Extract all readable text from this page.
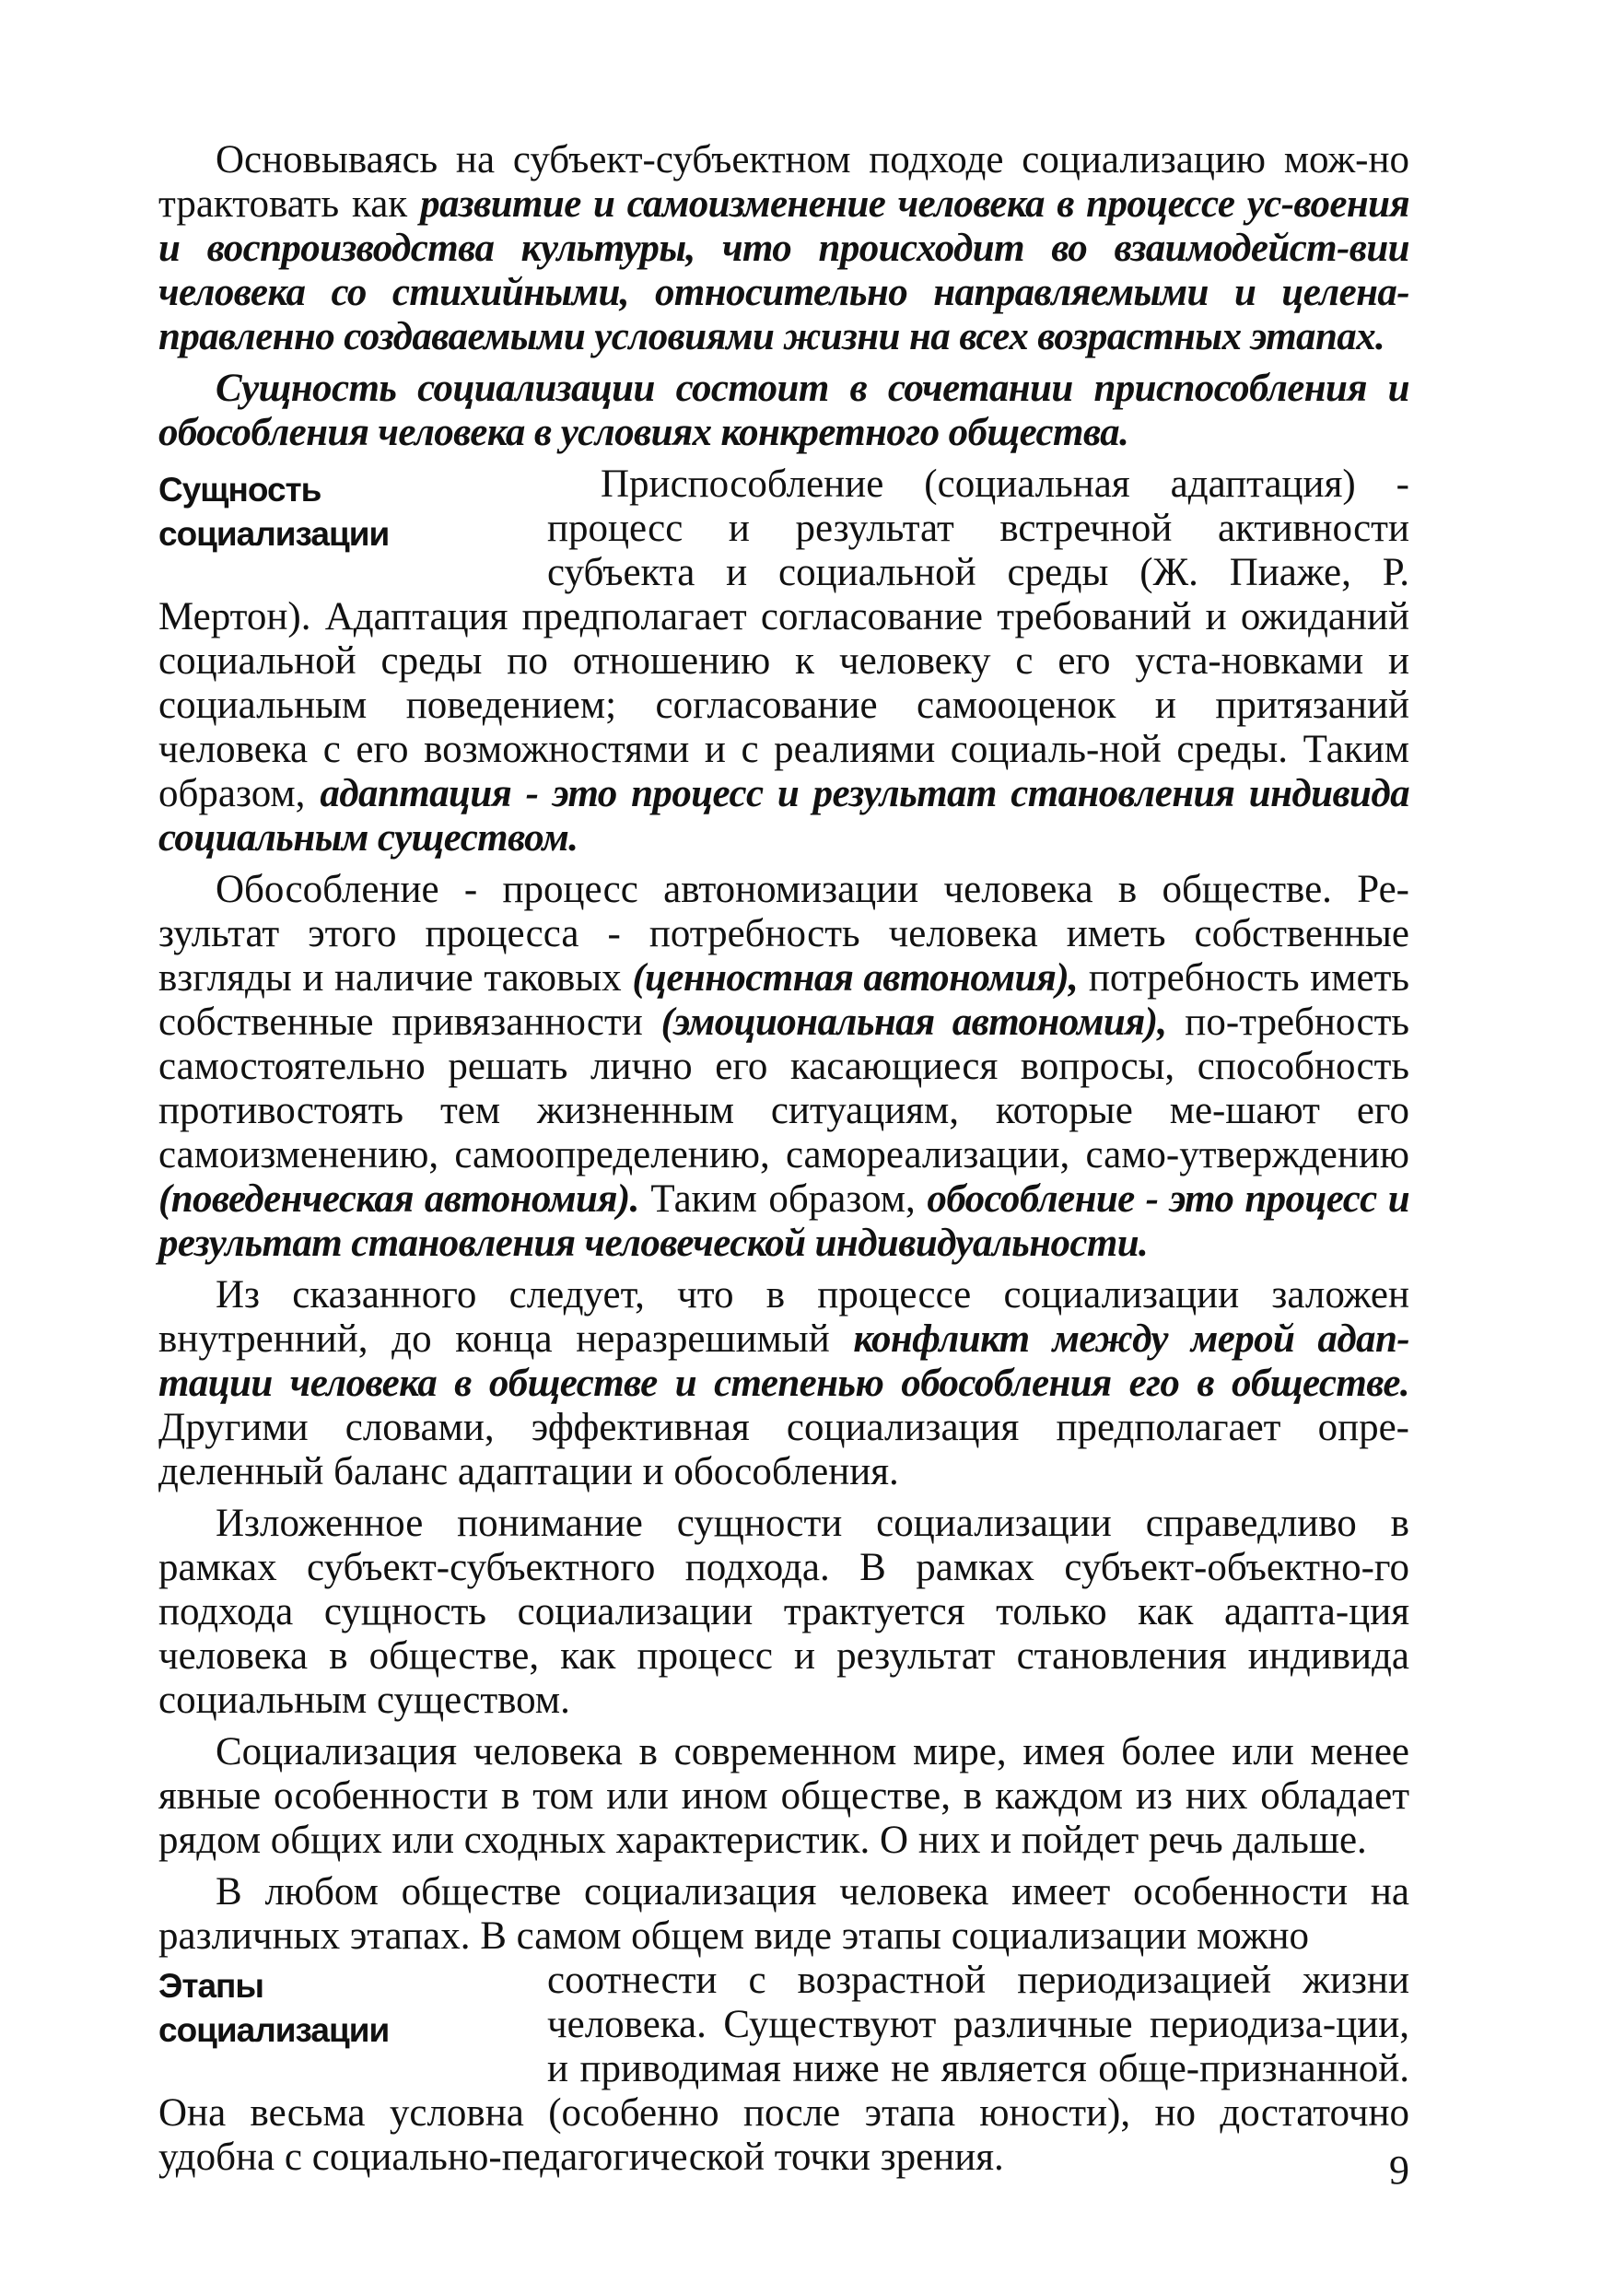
Основываясь на субъект-субъектном подходе социализацию мож-но трактовать как развитие и самоизменение человека в процессе ус-воения и воспроизводства культуры, что происходит во взаимодейст-вии человека со стихийными, относительно направляемыми и целена-правленно создаваемыми условиями жизни на всех возрастных этапах.

Сущность социализации состоит в сочетании приспособления и обособления человека в условиях конкретного общества.

Сущность
социализации

Приспособление (социальная адаптация) - процесс и результат встречной активности субъекта и социальной среды (Ж. Пиаже, Р. Мертон). Адаптация предполагает согласование требований и ожиданий социальной среды по отношению к человеку с его уста-новками и социальным поведением; согласование самооценок и притязаний человека с его возможностями и с реалиями социаль-ной среды. Таким образом, адаптация - это процесс и результат становления индивида социальным существом.

Обособление - процесс автономизации человека в обществе. Ре-зультат этого процесса - потребность человека иметь собственные взгляды и наличие таковых (ценностная автономия), потребность иметь собственные привязанности (эмоциональная автономия), по-требность самостоятельно решать лично его касающиеся вопросы, способность противостоять тем жизненным ситуациям, которые ме-шают его самоизменению, самоопределению, самореализации, само-утверждению (поведенческая автономия). Таким образом, обособление - это процесс и результат становления человеческой индивидуальности.

Из сказанного следует, что в процессе социализации заложен внутренний, до конца неразрешимый конфликт между мерой адап-тации человека в обществе и степенью обособления его в обществе. Другими словами, эффективная социализация предполагает опре-деленный баланс адаптации и обособления.

Изложенное понимание сущности социализации справедливо в рамках субъект-субъектного подхода. В рамках субъект-объектно-го подхода сущность социализации трактуется только как адапта-ция человека в обществе, как процесс и результат становления индивида социальным существом.

Социализация человека в современном мире, имея более или менее явные особенности в том или ином обществе, в каждом из них обладает рядом общих или сходных характеристик. О них и пойдет речь дальше.

В любом обществе социализация человека имеет особенности на различных этапах. В самом общем виде этапы социализации можно

Этапы
социализации

соотнести с возрастной периодизацией жизни человека. Существуют различные периодиза-ции, и приводимая ниже не является обще-признанной. Она весьма условна (особенно после этапа юности), но достаточно удобна с социально-педагогической точки зрения.	9
